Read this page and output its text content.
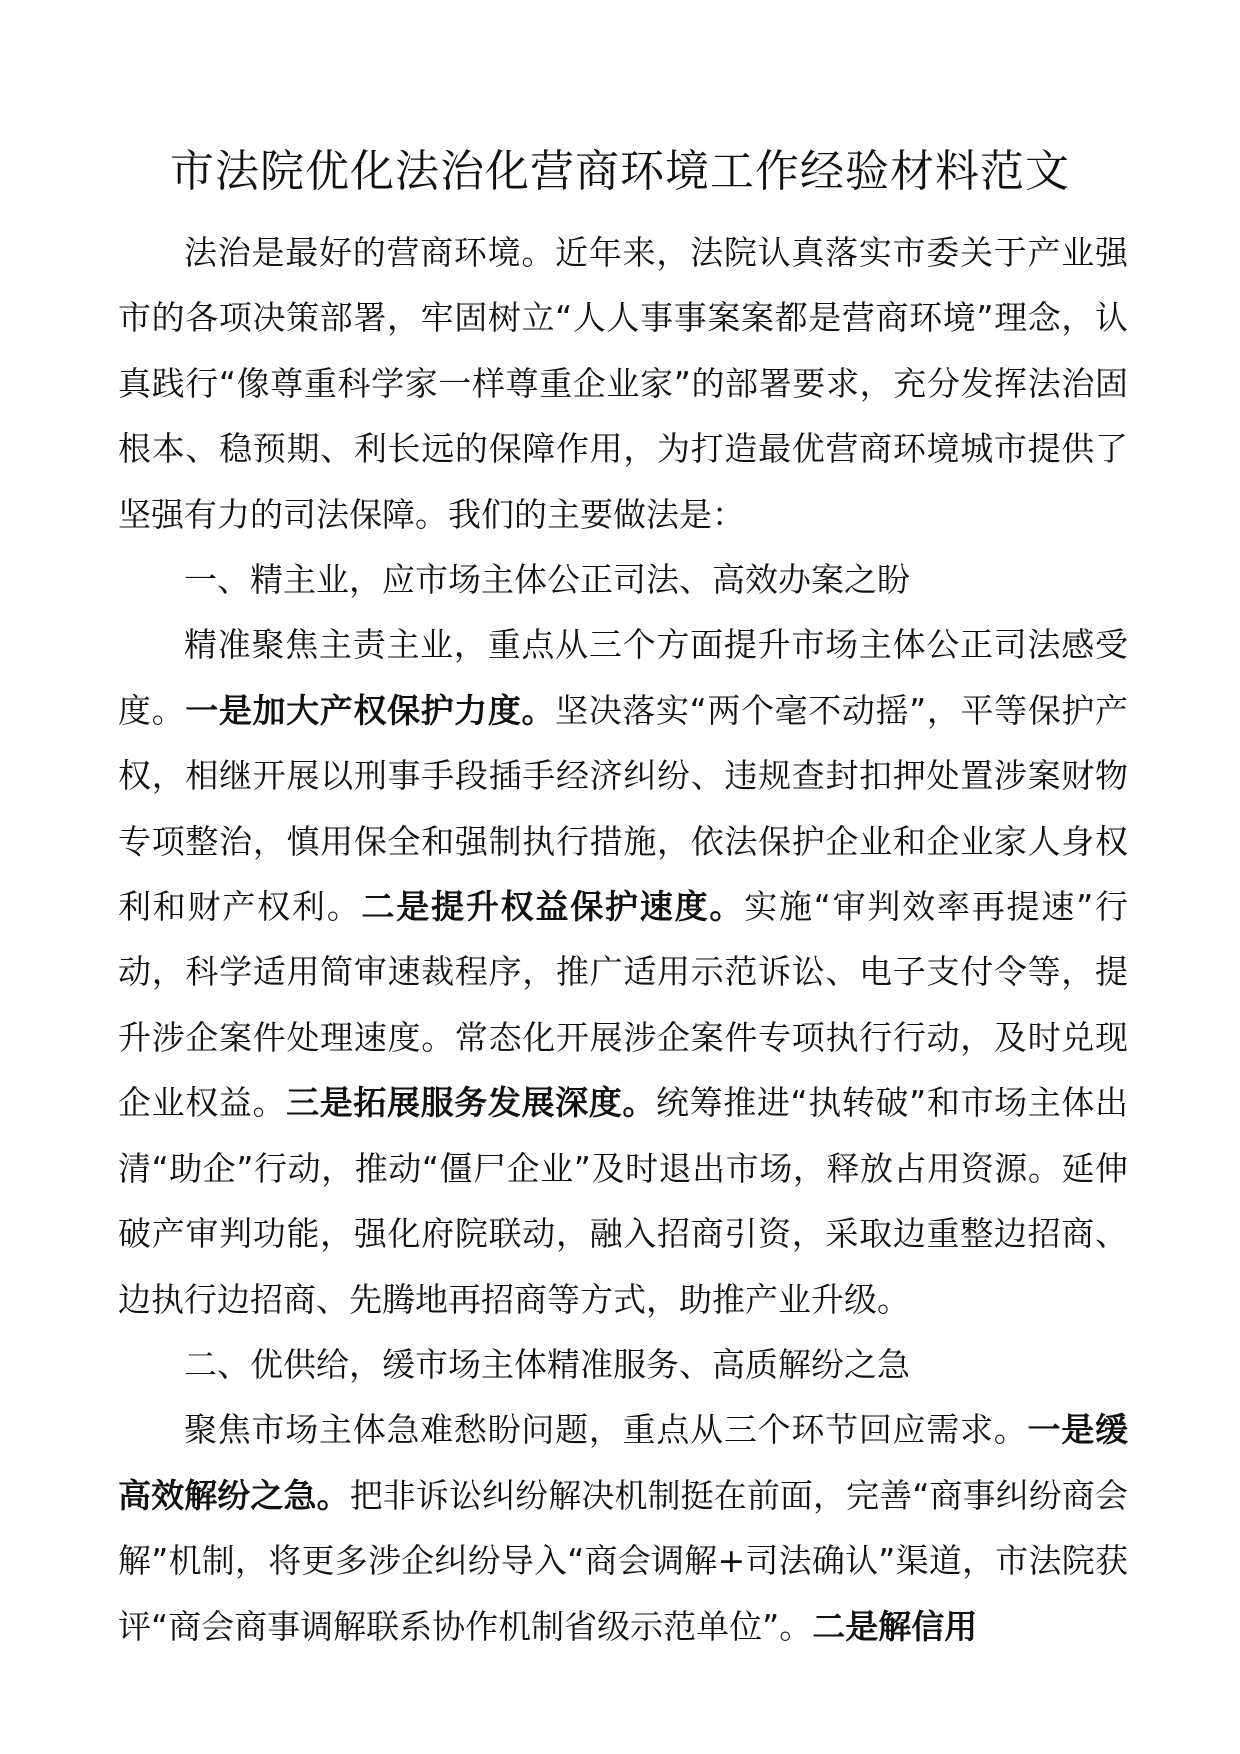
市法院优化法治化营商环境工作经验材料范文

法治是最好的营商环境。近年来，法院认真落实市委关于产业强市的各项决策部署，牢固树立“人人事事案案都是营商环境”理念，认真践行“像尊重科学家一样尊重企业家”的部署要求，充分发挥法治固根本、稳预期、利长远的保障作用，为打造最优营商环境城市提供了坚强有力的司法保障。我们的主要做法是：

一、精主业，应市场主体公正司法、高效办案之盼

精准聚焦主责主业，重点从三个方面提升市场主体公正司法感受度。一是加大产权保护力度。坚决落实“两个毫不动摇”，平等保护产权，相继开展以刑事手段插手经济纠纷、违规查封扣押处置涉案财物专项整治，慎用保全和强制执行措施，依法保护企业和企业家人身权利和财产权利。二是提升权益保护速度。实施“审判效率再提速”行动，科学适用简审速裁程序，推广适用示范诉讼、电子支付令等，提升涉企案件处理速度。常态化开展涉企案件专项执行行动，及时兑现企业权益。三是拓展服务发展深度。统筹推进“执转破”和市场主体出清“助企”行动，推动“僵尸企业”及时退出市场，释放占用资源。延伸破产审判功能，强化府院联动，融入招商引资，采取边重整边招商、边执行边招商、先腾地再招商等方式，助推产业升级。

二、优供给，缓市场主体精准服务、高质解纷之急

聚焦市场主体急难愁盼问题，重点从三个环节回应需求。一是缓高效解纷之急。把非诉讼纠纷解决机制挺在前面，完善“商事纠纷商会解”机制，将更多涉企纠纷导入“商会调解+司法确认”渠道，市法院获评“商会商事调解联系协作机制省级示范单位”。二是解信用
